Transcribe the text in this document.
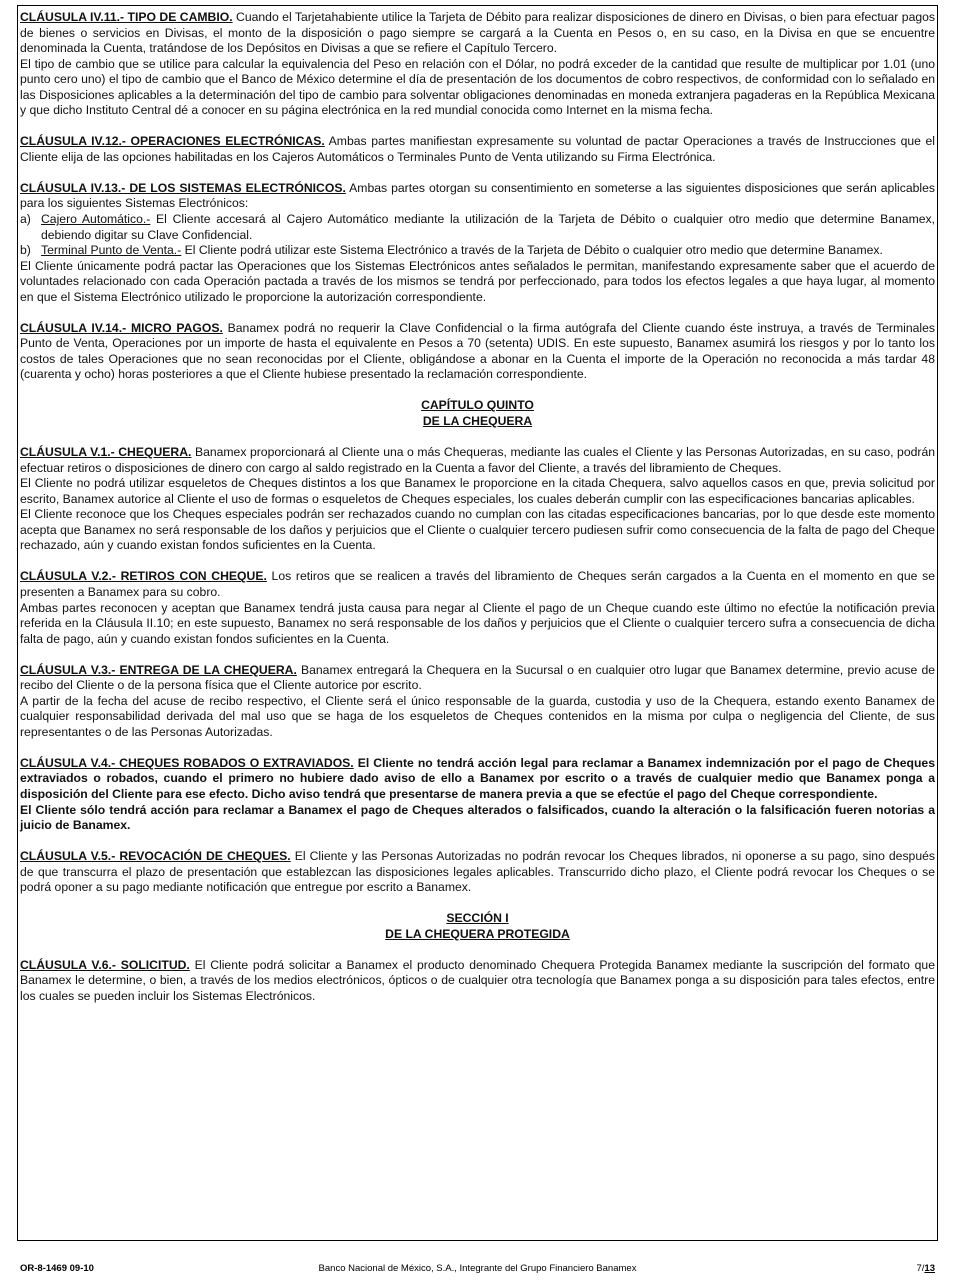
CLÁUSULA IV.11.- TIPO DE CAMBIO. Cuando el Tarjetahabiente utilice la Tarjeta de Débito para realizar disposiciones de dinero en Divisas, o bien para efectuar pagos de bienes o servicios en Divisas, el monto de la disposición o pago siempre se cargará a la Cuenta en Pesos o, en su caso, en la Divisa en que se encuentre denominada la Cuenta, tratándose de los Depósitos en Divisas a que se refiere el Capítulo Tercero.

El tipo de cambio que se utilice para calcular la equivalencia del Peso en relación con el Dólar, no podrá exceder de la cantidad que resulte de multiplicar por 1.01 (uno punto cero uno) el tipo de cambio que el Banco de México determine el día de presentación de los documentos de cobro respectivos, de conformidad con lo señalado en las Disposiciones aplicables a la determinación del tipo de cambio para solventar obligaciones denominadas en moneda extranjera pagaderas en la República Mexicana y que dicho Instituto Central dé a conocer en su página electrónica en la red mundial conocida como Internet en la misma fecha.

CLÁUSULA IV.12.- OPERACIONES ELECTRÓNICAS. Ambas partes manifiestan expresamente su voluntad de pactar Operaciones a través de Instrucciones que el Cliente elija de las opciones habilitadas en los Cajeros Automáticos o Terminales Punto de Venta utilizando su Firma Electrónica.

CLÁUSULA IV.13.- DE LOS SISTEMAS ELECTRÓNICOS. Ambas partes otorgan su consentimiento en someterse a las siguientes disposiciones que serán aplicables para los siguientes Sistemas Electrónicos:

a) Cajero Automático.- El Cliente accesará al Cajero Automático mediante la utilización de la Tarjeta de Débito o cualquier otro medio que determine Banamex, debiendo digitar su Clave Confidencial.

b) Terminal Punto de Venta.- El Cliente podrá utilizar este Sistema Electrónico a través de la Tarjeta de Débito o cualquier otro medio que determine Banamex.

El Cliente únicamente podrá pactar las Operaciones que los Sistemas Electrónicos antes señalados le permitan, manifestando expresamente saber que el acuerdo de voluntades relacionado con cada Operación pactada a través de los mismos se tendrá por perfeccionado, para todos los efectos legales a que haya lugar, al momento en que el Sistema Electrónico utilizado le proporcione la autorización correspondiente.

CLÁUSULA IV.14.- MICRO PAGOS. Banamex podrá no requerir la Clave Confidencial o la firma autógrafa del Cliente cuando éste instruya, a través de Terminales Punto de Venta, Operaciones por un importe de hasta el equivalente en Pesos a 70 (setenta) UDIS. En este supuesto, Banamex asumirá los riesgos y por lo tanto los costos de tales Operaciones que no sean reconocidas por el Cliente, obligándose a abonar en la Cuenta el importe de la Operación no reconocida a más tardar 48 (cuarenta y ocho) horas posteriores a que el Cliente hubiese presentado la reclamación correspondiente.

CAPÍTULO QUINTO

DE LA CHEQUERA

CLÁUSULA V.1.- CHEQUERA. Banamex proporcionará al Cliente una o más Chequeras, mediante las cuales el Cliente y las Personas Autorizadas, en su caso, podrán efectuar retiros o disposiciones de dinero con cargo al saldo registrado en la Cuenta a favor del Cliente, a través del libramiento de Cheques.

El Cliente no podrá utilizar esqueletos de Cheques distintos a los que Banamex le proporcione en la citada Chequera, salvo aquellos casos en que, previa solicitud por escrito, Banamex autorice al Cliente el uso de formas o esqueletos de Cheques especiales, los cuales deberán cumplir con las especificaciones bancarias aplicables.

El Cliente reconoce que los Cheques especiales podrán ser rechazados cuando no cumplan con las citadas especificaciones bancarias, por lo que desde este momento acepta que Banamex no será responsable de los daños y perjuicios que el Cliente o cualquier tercero pudiesen sufrir como consecuencia de la falta de pago del Cheque rechazado, aún y cuando existan fondos suficientes en la Cuenta.

CLÁUSULA V.2.- RETIROS CON CHEQUE. Los retiros que se realicen a través del libramiento de Cheques serán cargados a la Cuenta en el momento en que se presenten a Banamex para su cobro.

Ambas partes reconocen y aceptan que Banamex tendrá justa causa para negar al Cliente el pago de un Cheque cuando este último no efectúe la notificación previa referida en la Cláusula II.10; en este supuesto, Banamex no será responsable de los daños y perjuicios que el Cliente o cualquier tercero sufra a consecuencia de dicha falta de pago, aún y cuando existan fondos suficientes en la Cuenta.

CLÁUSULA V.3.- ENTREGA DE LA CHEQUERA. Banamex entregará la Chequera en la Sucursal o en cualquier otro lugar que Banamex determine, previo acuse de recibo del Cliente o de la persona física que el Cliente autorice por escrito.

A partir de la fecha del acuse de recibo respectivo, el Cliente será el único responsable de la guarda, custodia y uso de la Chequera, estando exento Banamex de cualquier responsabilidad derivada del mal uso que se haga de los esqueletos de Cheques contenidos en la misma por culpa o negligencia del Cliente, de sus representantes o de las Personas Autorizadas.

CLÁUSULA V.4.- CHEQUES ROBADOS O EXTRAVIADOS. El Cliente no tendrá acción legal para reclamar a Banamex indemnización por el pago de Cheques extraviados o robados, cuando el primero no hubiere dado aviso de ello a Banamex por escrito o a través de cualquier medio que Banamex ponga a disposición del Cliente para ese efecto. Dicho aviso tendrá que presentarse de manera previa a que se efectúe el pago del Cheque correspondiente.

El Cliente sólo tendrá acción para reclamar a Banamex el pago de Cheques alterados o falsificados, cuando la alteración o la falsificación fueren notorias a juicio de Banamex.

CLÁUSULA V.5.- REVOCACIÓN DE CHEQUES. El Cliente y las Personas Autorizadas no podrán revocar los Cheques librados, ni oponerse a su pago, sino después de que transcurra el plazo de presentación que establezcan las disposiciones legales aplicables. Transcurrido dicho plazo, el Cliente podrá revocar los Cheques o se podrá oponer a su pago mediante notificación que entregue por escrito a Banamex.

SECCIÓN I

DE LA CHEQUERA PROTEGIDA

CLÁUSULA V.6.- SOLICITUD. El Cliente podrá solicitar a Banamex el producto denominado Chequera Protegida Banamex mediante la suscripción del formato que Banamex le determine, o bien, a través de los medios electrónicos, ópticos o de cualquier otra tecnología que Banamex ponga a su disposición para tales efectos, entre los cuales se pueden incluir los Sistemas Electrónicos.

OR-8-1469 09-10	Banco Nacional de México, S.A., Integrante del Grupo Financiero Banamex	7/13
